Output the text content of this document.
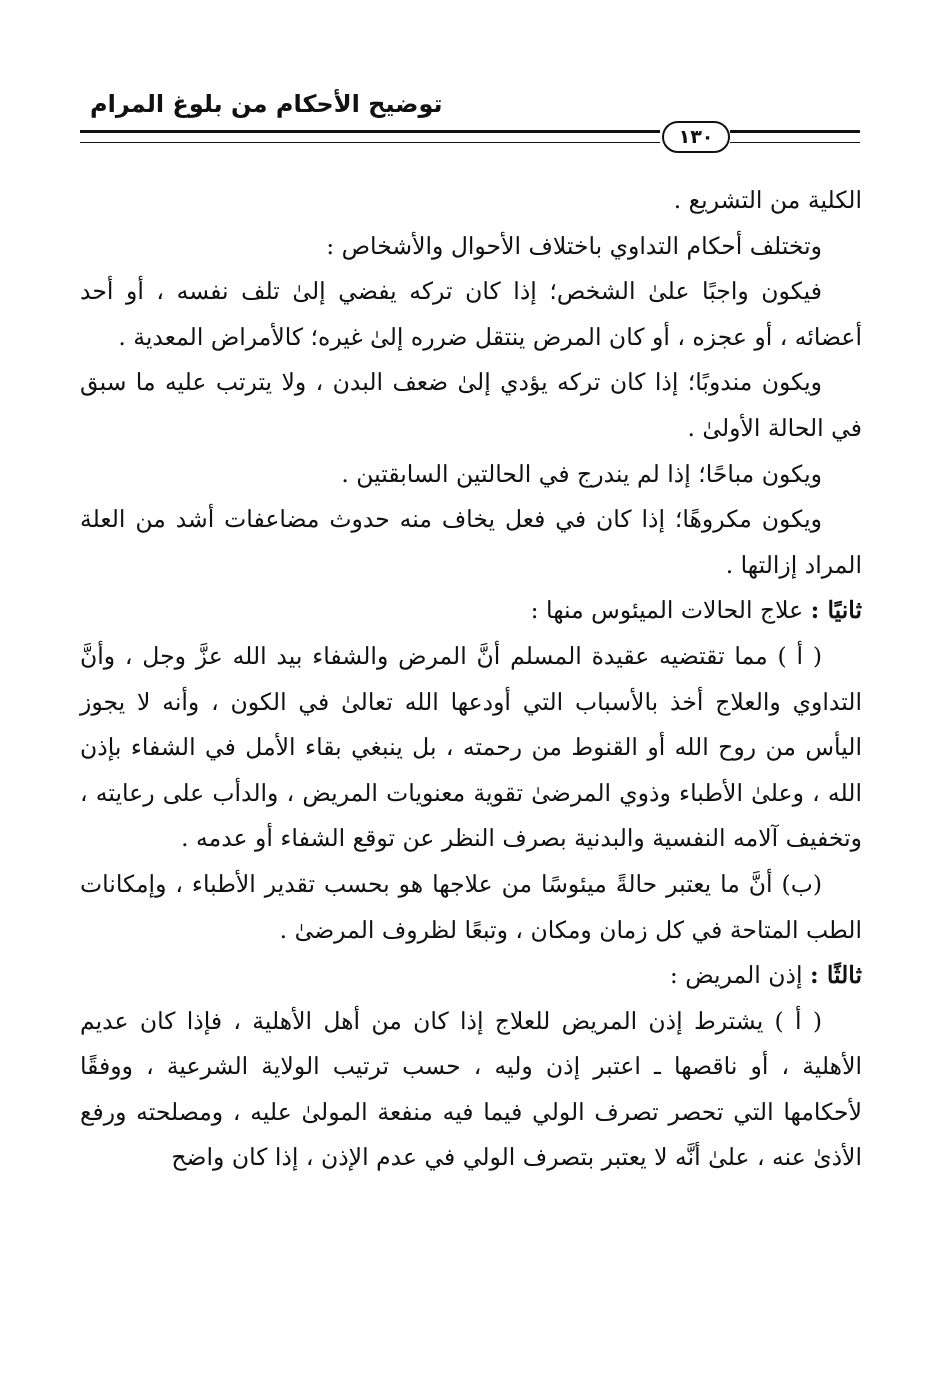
توضيح الأحكام من بلوغ المرام
١٣٠

الكلية من التشريع .

وتختلف أحكام التداوي باختلاف الأحوال والأشخاص :

فيكون واجبًا علىٰ الشخص؛ إذا كان تركه يفضي إلىٰ تلف نفسه ، أو أحد أعضائه ، أو عجزه ، أو كان المرض ينتقل ضرره إلىٰ غيره؛ كالأمراض المعدية .

ويكون مندوبًا؛ إذا كان تركه يؤدي إلىٰ ضعف البدن ، ولا يترتب عليه ما سبق في الحالة الأولىٰ .

ويكون مباحًا؛ إذا لم يندرج في الحالتين السابقتين .

ويكون مكروهًا؛ إذا كان في فعل يخاف منه حدوث مضاعفات أشد من العلة المراد إزالتها .

ثانيًا : علاج الحالات الميئوس منها :

( أ ) مما تقتضيه عقيدة المسلم أنَّ المرض والشفاء بيد الله عزَّ وجل ، وأنَّ التداوي والعلاج أخذ بالأسباب التي أودعها الله تعالىٰ في الكون ، وأنه لا يجوز اليأس من روح الله أو القنوط من رحمته ، بل ينبغي بقاء الأمل في الشفاء بإذن الله ، وعلىٰ الأطباء وذوي المرضىٰ تقوية معنويات المريض ، والدأب على رعايته ، وتخفيف آلامه النفسية والبدنية بصرف النظر عن توقع الشفاء أو عدمه .

(ب) أنَّ ما يعتبر حالةً ميئوسًا من علاجها هو بحسب تقدير الأطباء ، وإمكانات الطب المتاحة في كل زمان ومكان ، وتبعًا لظروف المرضىٰ .

ثالثًا : إذن المريض :

( أ ) يشترط إذن المريض للعلاج إذا كان من أهل الأهلية ، فإذا كان عديم الأهلية ، أو ناقصها ـ اعتبر إذن وليه ، حسب ترتيب الولاية الشرعية ، ووفقًا لأحكامها التي تحصر تصرف الولي فيما فيه منفعة المولىٰ عليه ، ومصلحته ورفع الأذىٰ عنه ، علىٰ أنَّه لا يعتبر بتصرف الولي في عدم الإذن ، إذا كان واضح
